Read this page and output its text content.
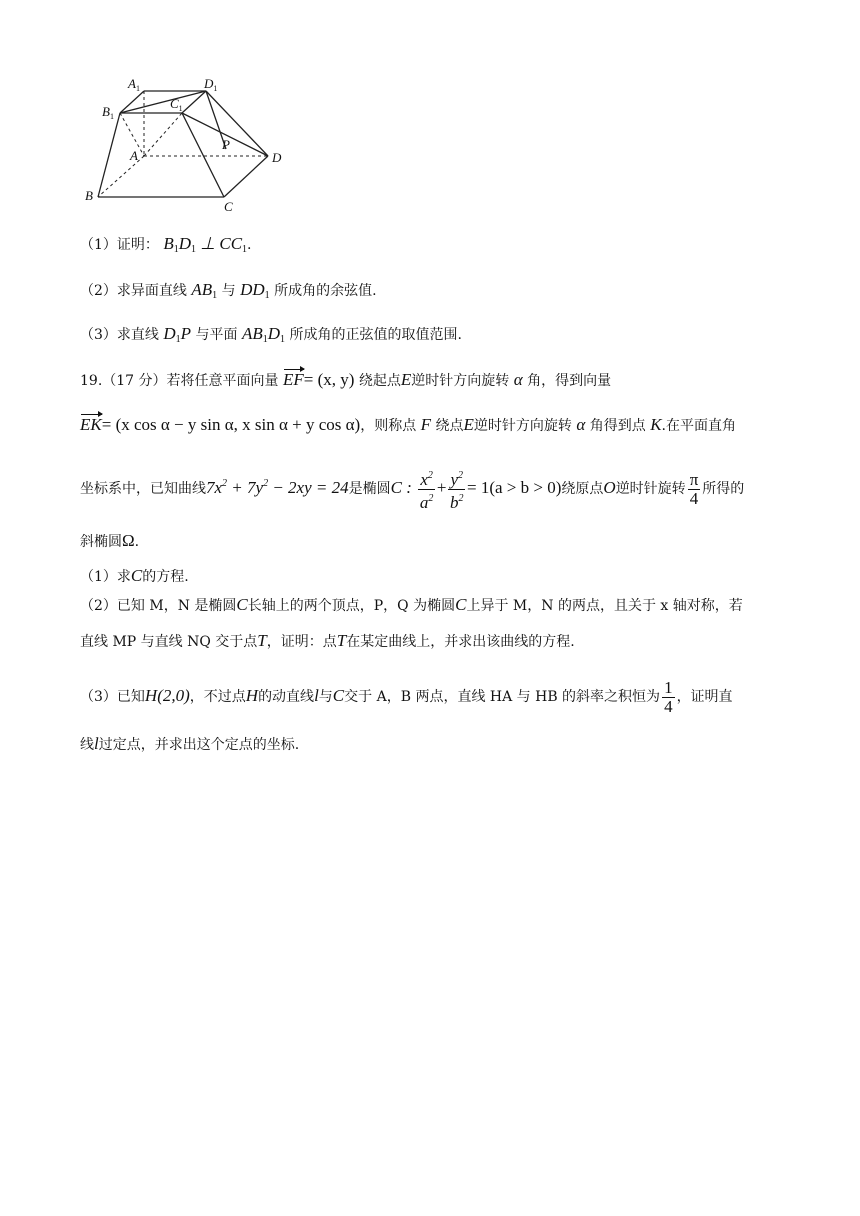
$A_1$	$D_1$
$B_1$
$C_1$
A
B
C
D
P
（1）证明： $B_1D_1$ ⊥ $CC_1$.
（2）求异面直线 $AB_1$ 与 $DD_1$ 所成角的余弦值.
（3）求直线 $D_1P$ 与平面 $AB_1D_1$ 所成角的正弦值的取值范围.
19.（17 分）若将任意平面向量 EF= (x, y) 绕起点E逆时针方向旋转 α 角，得到向量
EK= (x cos α − y sin α, x sin α + y cos α)，则称点 F 绕点E逆时针方向旋转 α 角得到点 K.在平面直角
坐标系中，已知曲线$7x^2 + 7y^2 - 2xy = 24$是椭圆C : $\frac{x^2}{a^2} + \frac{y^2}{b^2} = 1(a > b > 0)$绕原点O逆时针旋转 $\frac{\pi}{4}$ 所得的
斜椭圆Ω.
（1）求C的方程.
（2）已知 M，N 是椭圆C长轴上的两个顶点，P，Q 为椭圆C上异于 M，N 的两点，且关于 x 轴对称，若
直线 MP 与直线 NQ 交于点T，证明：点T在某定曲线上，并求出该曲线的方程.
（3）已知H(2,0)，不过点H的动直线l与C交于 A，B 两点，直线 HA 与 HB 的斜率之积恒为 $\frac{1}{4}$ ，证明直
线l过定点，并求出这个定点的坐标.
